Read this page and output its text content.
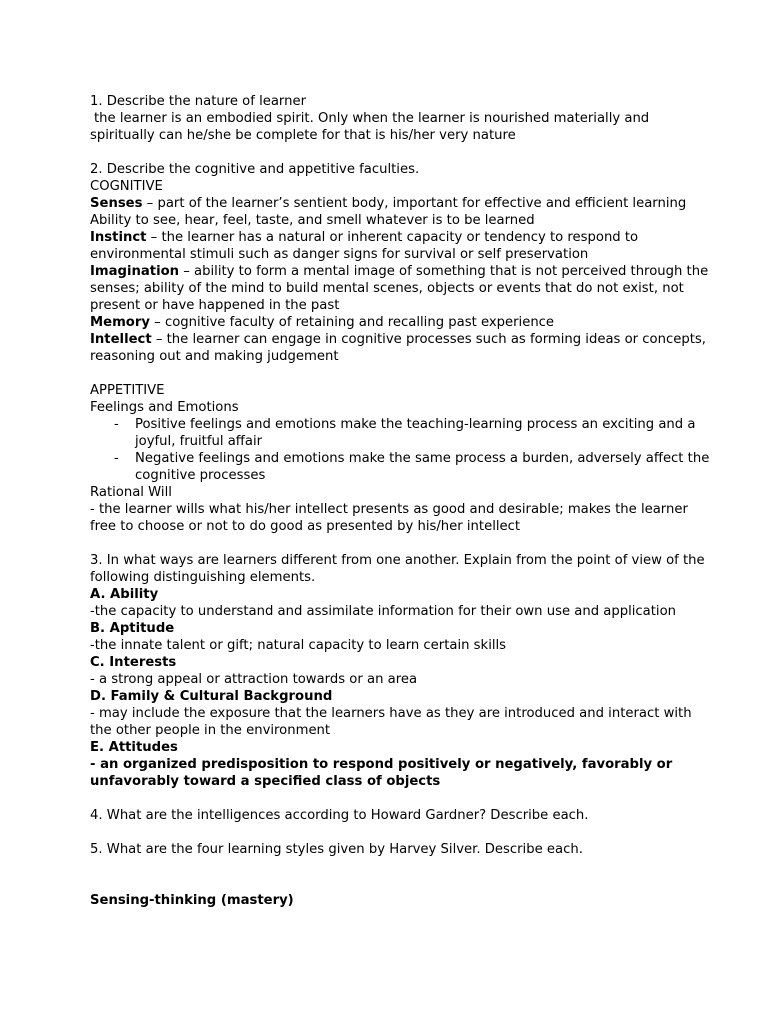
1. Describe the nature of learner
the learner is an embodied spirit. Only when the learner is nourished materially and
spiritually can he/she be complete for that is his/her very nature
2. Describe the cognitive and appetitive faculties.
COGNITIVE
Senses – part of the learner’s sentient body, important for effective and efficient learning
Ability to see, hear, feel, taste, and smell whatever is to be learned
Instinct – the learner has a natural or inherent capacity or tendency to respond to
environmental stimuli such as danger signs for survival or self preservation
Imagination – ability to form a mental image of something that is not perceived through the
senses; ability of the mind to build mental scenes, objects or events that do not exist, not
present or have happened in the past
Memory – cognitive faculty of retaining and recalling past experience
Intellect – the learner can engage in cognitive processes such as forming ideas or concepts,
reasoning out and making judgement
APPETITIVE
Feelings and Emotions
-	Positive feelings and emotions make the teaching-learning process an exciting and a
joyful, fruitful affair
-	Negative feelings and emotions make the same process a burden, adversely affect the
cognitive processes
Rational Will
- the learner wills what his/her intellect presents as good and desirable; makes the learner
free to choose or not to do good as presented by his/her intellect
3. In what ways are learners different from one another. Explain from the point of view of the
following distinguishing elements.
A. Ability
-the capacity to understand and assimilate information for their own use and application
B. Aptitude
-the innate talent or gift; natural capacity to learn certain skills
C. Interests
- a strong appeal or attraction towards or an area
D. Family & Cultural Background
- may include the exposure that the learners have as they are introduced and interact with
the other people in the environment
E. Attitudes
- an organized predisposition to respond positively or negatively, favorably or
unfavorably toward a specified class of objects
4. What are the intelligences according to Howard Gardner? Describe each.
5. What are the four learning styles given by Harvey Silver. Describe each.
Sensing-thinking (mastery)
